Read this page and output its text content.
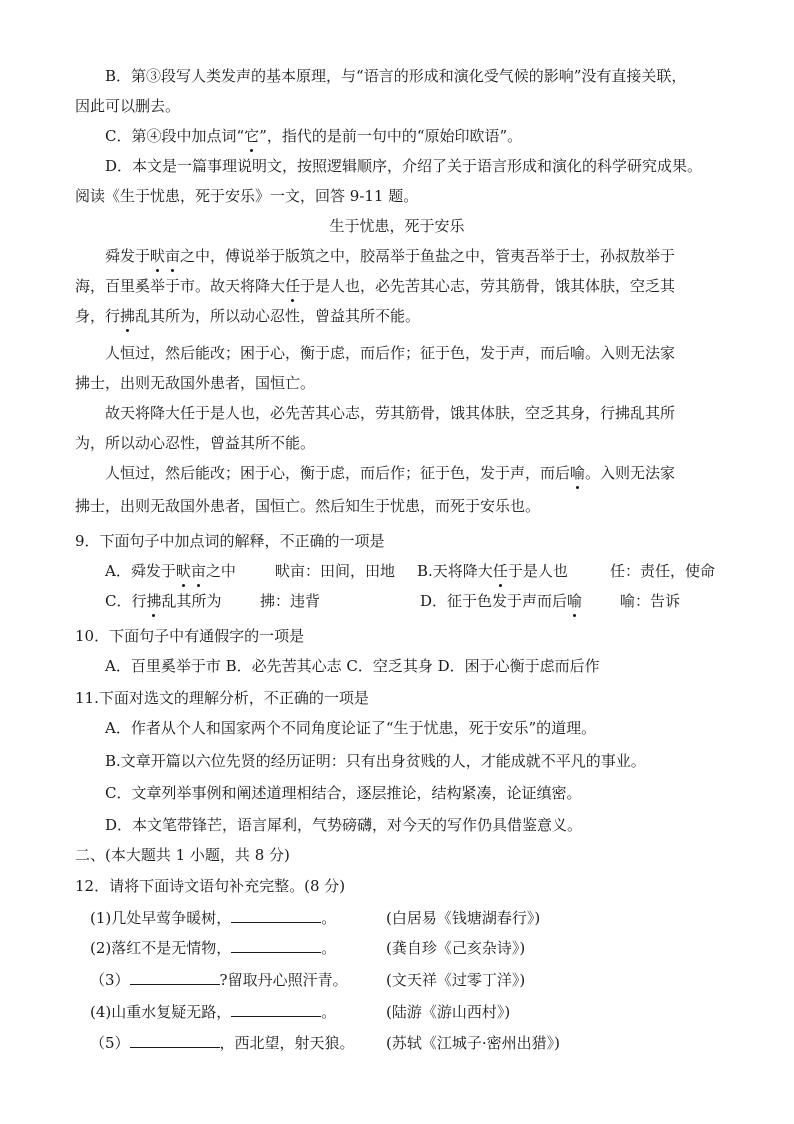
B．第③段写人类发声的基本原理，与“语言的形成和演化受气候的影响”没有直接关联，
因此可以删去。
C．第④段中加点词“它”，指代的是前一句中的“原始印欧语”。
D．本文是一篇事理说明文，按照逻辑顺序，介绍了关于语言形成和演化的科学研究成果。
阅读《生于忧患，死于安乐》一文，回答 9-11 题。
生于忧患，死于安乐
舜发于畎亩之中，傅说举于版筑之中，胶鬲举于鱼盐之中，管夷吾举于士，孙叔敖举于
海，百里奚举于市。故天将降大任于是人也，必先苦其心志，劳其筋骨，饿其体肤，空乏其
身，行拂乱其所为，所以动心忍性，曾益其所不能。
人恒过，然后能改；困于心，衡于虑，而后作；征于色，发于声，而后喻。入则无法家
拂士，出则无敌国外患者，国恒亡。
故天将降大任于是人也，必先苦其心志，劳其筋骨，饿其体肤，空乏其身，行拂乱其所
为，所以动心忍性，曾益其所不能。
人恒过，然后能改；困于心，衡于虑，而后作；征于色，发于声，而后喻。入则无法家
拂士，出则无敌国外患者，国恒亡。然后知生于忧患，而死于安乐也。
9．下面句子中加点词的解释，不正确的一项是
A．舜发于畎亩之中	畎亩：田间，田地 B.天将降大任于是人也	任：责任，使命
C．行拂乱其所为	拂：违背	D．征于色发于声而后喻	喻：告诉
10．下面句子中有通假字的一项是
A．百里奚举于市 B．必先苦其心志 C．空乏其身 D．困于心衡于虑而后作
11.下面对选文的理解分析，不正确的一项是
A．作者从个人和国家两个不同角度论证了“生于忧患，死于安乐”的道理。
B.文章开篇以六位先贤的经历证明：只有出身贫贱的人，才能成就不平凡的事业。
C．文章列举事例和阐述道理相结合，逐层推论，结构紧凑，论证缜密。
D．本文笔带锋芒，语言犀利，气势磅礴，对今天的写作仍具借鉴意义。
二、(本大题共 1 小题，共 8 分)
12．请将下面诗文语句补充完整。(8 分)
(1)几处早莺争暖树，	。	(白居易《钱塘湖春行》)
(2)落红不是无情物，	。	(龚自珍《己亥杂诗》)
（3）	?留取丹心照汗青。	(文天祥《过零丁洋》)
(4)山重水复疑无路，	。	(陆游《游山西村》)
（5）	，西北望，射天狼。 (苏轼《江城子·密州出猎》)
